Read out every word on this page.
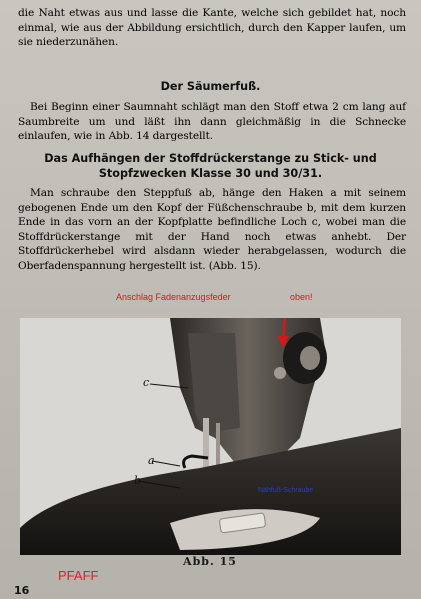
die Naht etwas aus und lasse die Kante, welche sich gebildet hat, noch einmal, wie aus der Abbildung ersichtlich, durch den Kapper laufen, um sie niederzunähen.
Der Säumerfuß.
Bei Beginn einer Saumnaht schlägt man den Stoff etwa 2 cm lang auf Saumbreite um und läßt ihn dann gleichmäßig in die Schnecke einlaufen, wie in Abb. 14 dargestellt.
Das Aufhängen der Stoffdrückerstange zu Stick- und Stopfzwecken Klasse 30 und 30/31.
Man schraube den Steppfuß ab, hänge den Haken a mit seinem gebogenen Ende um den Kopf der Füßchenschraube b, mit dem kurzen Ende in das vorn an der Kopfplatte befindliche Loch c, wobei man die Stoffdrückerstange mit der Hand noch etwas anhebt. Der Stoffdrückerhebel wird alsdann wieder herabgelassen, wodurch die Oberfadenspannung hergestellt ist. (Abb. 15).
Anschlag Fadenanzugsfeder	oben!
c
a
b
Nähfuß-Schraube
Abb. 15
PFAFF
16
